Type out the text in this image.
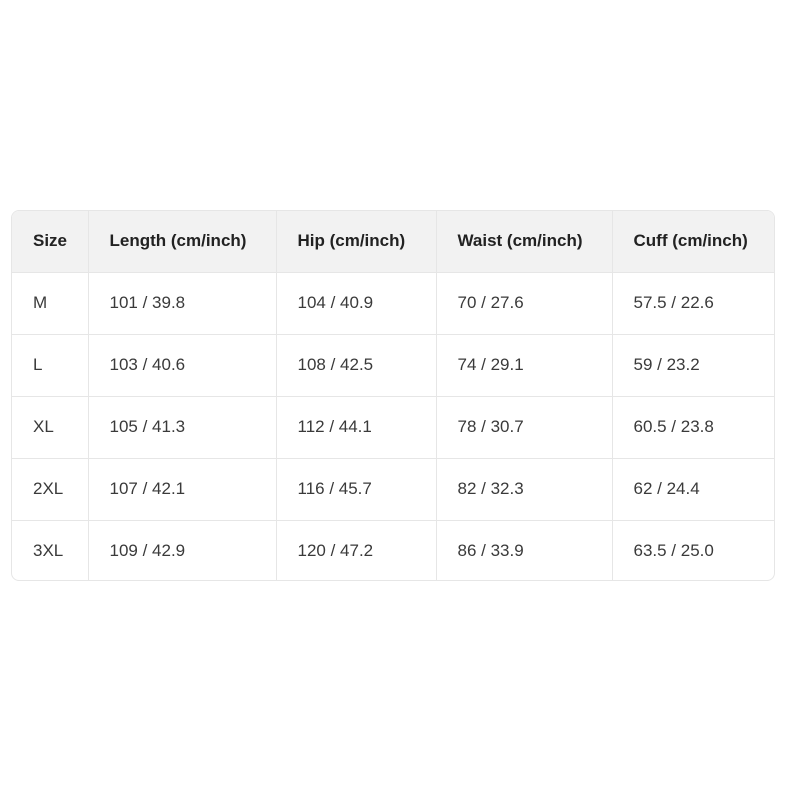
Size	Length (cm/inch)	Hip (cm/inch)	Waist (cm/inch)	Cuff (cm/inch)
M	101 / 39.8	104 / 40.9	70 / 27.6	57.5 / 22.6
L	103 / 40.6	108 / 42.5	74 / 29.1	59 / 23.2
XL	105 / 41.3	112 / 44.1	78 / 30.7	60.5 / 23.8
2XL	107 / 42.1	116 / 45.7	82 / 32.3	62 / 24.4
3XL	109 / 42.9	120 / 47.2	86 / 33.9	63.5 / 25.0
